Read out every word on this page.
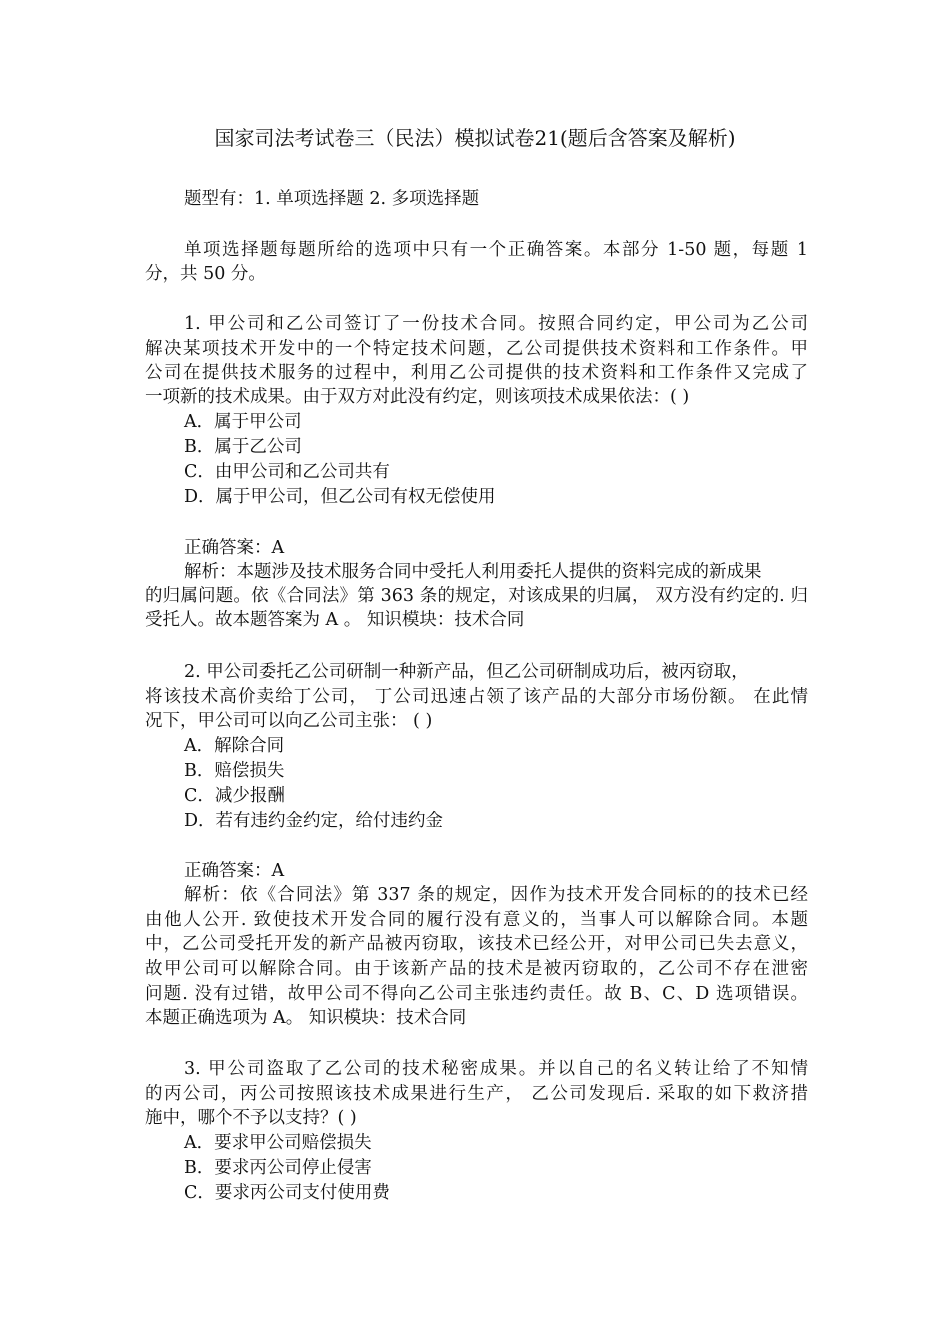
国家司法考试卷三（民法）模拟试卷21(题后含答案及解析)
题型有：1. 单项选择题 2. 多项选择题
单项选择题每题所给的选项中只有一个正确答案。本部分 1-50 题，每题 1
分，共 50 分。
1. 甲公司和乙公司签订了一份技术合同。按照合同约定，甲公司为乙公司
解决某项技术开发中的一个特定技术问题，乙公司提供技术资料和工作条件。甲
公司在提供技术服务的过程中，利用乙公司提供的技术资料和工作条件又完成了
一项新的技术成果。由于双方对此没有约定，则该项技术成果依法：( )
A．属于甲公司
B．属于乙公司
C．由甲公司和乙公司共有
D．属于甲公司，但乙公司有权无偿使用
正确答案：A
解析：本题涉及技术服务合同中受托人利用委托人提供的资料完成的新成果
的归属问题。依《合同法》第 363 条的规定，对该成果的归属， 双方没有约定的. 归
受托人。故本题答案为 A 。 知识模块：技术合同
2. 甲公司委托乙公司研制一种新产品，但乙公司研制成功后，被丙窃取，
将该技术高价卖给丁公司， 丁公司迅速占领了该产品的大部分市场份额。 在此情
况下，甲公司可以向乙公司主张： ( )
A．解除合同
B．赔偿损失
C．减少报酬
D．若有违约金约定，给付违约金
正确答案：A
解析：依《合同法》第 337 条的规定，因作为技术开发合同标的的技术已经
由他人公开. 致使技术开发合同的履行没有意义的，当事人可以解除合同。本题
中，乙公司受托开发的新产品被丙窃取，该技术已经公开，对甲公司已失去意义，
故甲公司可以解除合同。由于该新产品的技术是被丙窃取的，乙公司不存在泄密
问题. 没有过错，故甲公司不得向乙公司主张违约责任。故 B、C、D 选项错误。
本题正确选项为 A。 知识模块：技术合同
3. 甲公司盗取了乙公司的技术秘密成果。并以自己的名义转让给了不知情
的丙公司，丙公司按照该技术成果进行生产， 乙公司发现后. 采取的如下救济措
施中，哪个不予以支持？( )
A．要求甲公司赔偿损失
B．要求丙公司停止侵害
C．要求丙公司支付使用费
